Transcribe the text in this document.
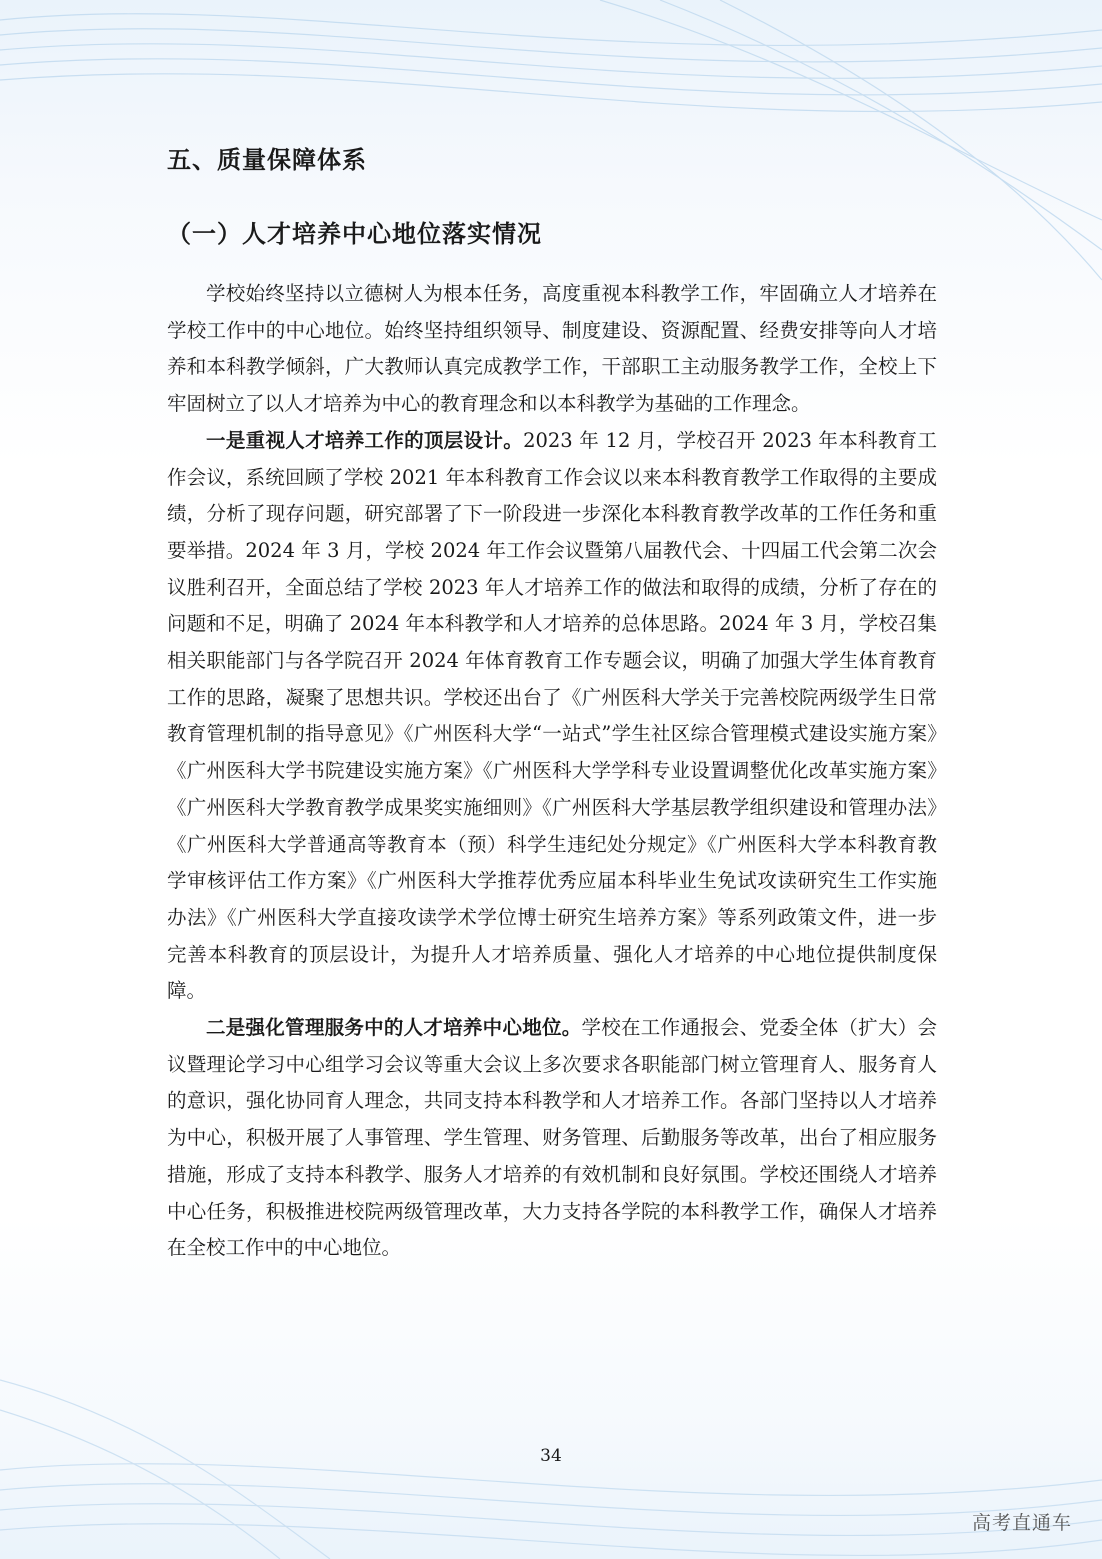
五、质量保障体系
（一）人才培养中心地位落实情况

学校始终坚持以立德树人为根本任务，高度重视本科教学工作，牢固确立人才培养在学校工作中的中心地位。始终坚持组织领导、制度建设、资源配置、经费安排等向人才培养和本科教学倾斜，广大教师认真完成教学工作，干部职工主动服务教学工作，全校上下牢固树立了以人才培养为中心的教育理念和以本科教学为基础的工作理念。

一是重视人才培养工作的顶层设计。2023 年 12 月，学校召开 2023 年本科教育工作会议，系统回顾了学校 2021 年本科教育工作会议以来本科教育教学工作取得的主要成绩，分析了现存问题，研究部署了下一阶段进一步深化本科教育教学改革的工作任务和重要举措。2024 年 3 月，学校 2024 年工作会议暨第八届教代会、十四届工代会第二次会议胜利召开，全面总结了学校 2023 年人才培养工作的做法和取得的成绩，分析了存在的问题和不足，明确了 2024 年本科教学和人才培养的总体思路。2024 年 3 月，学校召集相关职能部门与各学院召开 2024 年体育教育工作专题会议，明确了加强大学生体育教育工作的思路，凝聚了思想共识。学校还出台了《广州医科大学关于完善校院两级学生日常教育管理机制的指导意见》《广州医科大学“一站式”学生社区综合管理模式建设实施方案》《广州医科大学书院建设实施方案》《广州医科大学学科专业设置调整优化改革实施方案》《广州医科大学教育教学成果奖实施细则》《广州医科大学基层教学组织建设和管理办法》《广州医科大学普通高等教育本（预）科学生违纪处分规定》《广州医科大学本科教育教学审核评估工作方案》《广州医科大学推荐优秀应届本科毕业生免试攻读研究生工作实施办法》《广州医科大学直接攻读学术学位博士研究生培养方案》等系列政策文件，进一步完善本科教育的顶层设计，为提升人才培养质量、强化人才培养的中心地位提供制度保障。

二是强化管理服务中的人才培养中心地位。学校在工作通报会、党委全体（扩大）会议暨理论学习中心组学习会议等重大会议上多次要求各职能部门树立管理育人、服务育人的意识，强化协同育人理念，共同支持本科教学和人才培养工作。各部门坚持以人才培养为中心，积极开展了人事管理、学生管理、财务管理、后勤服务等改革，出台了相应服务措施，形成了支持本科教学、服务人才培养的有效机制和良好氛围。学校还围绕人才培养中心任务，积极推进校院两级管理改革，大力支持各学院的本科教学工作，确保人才培养在全校工作中的中心地位。

34
高考直通车
